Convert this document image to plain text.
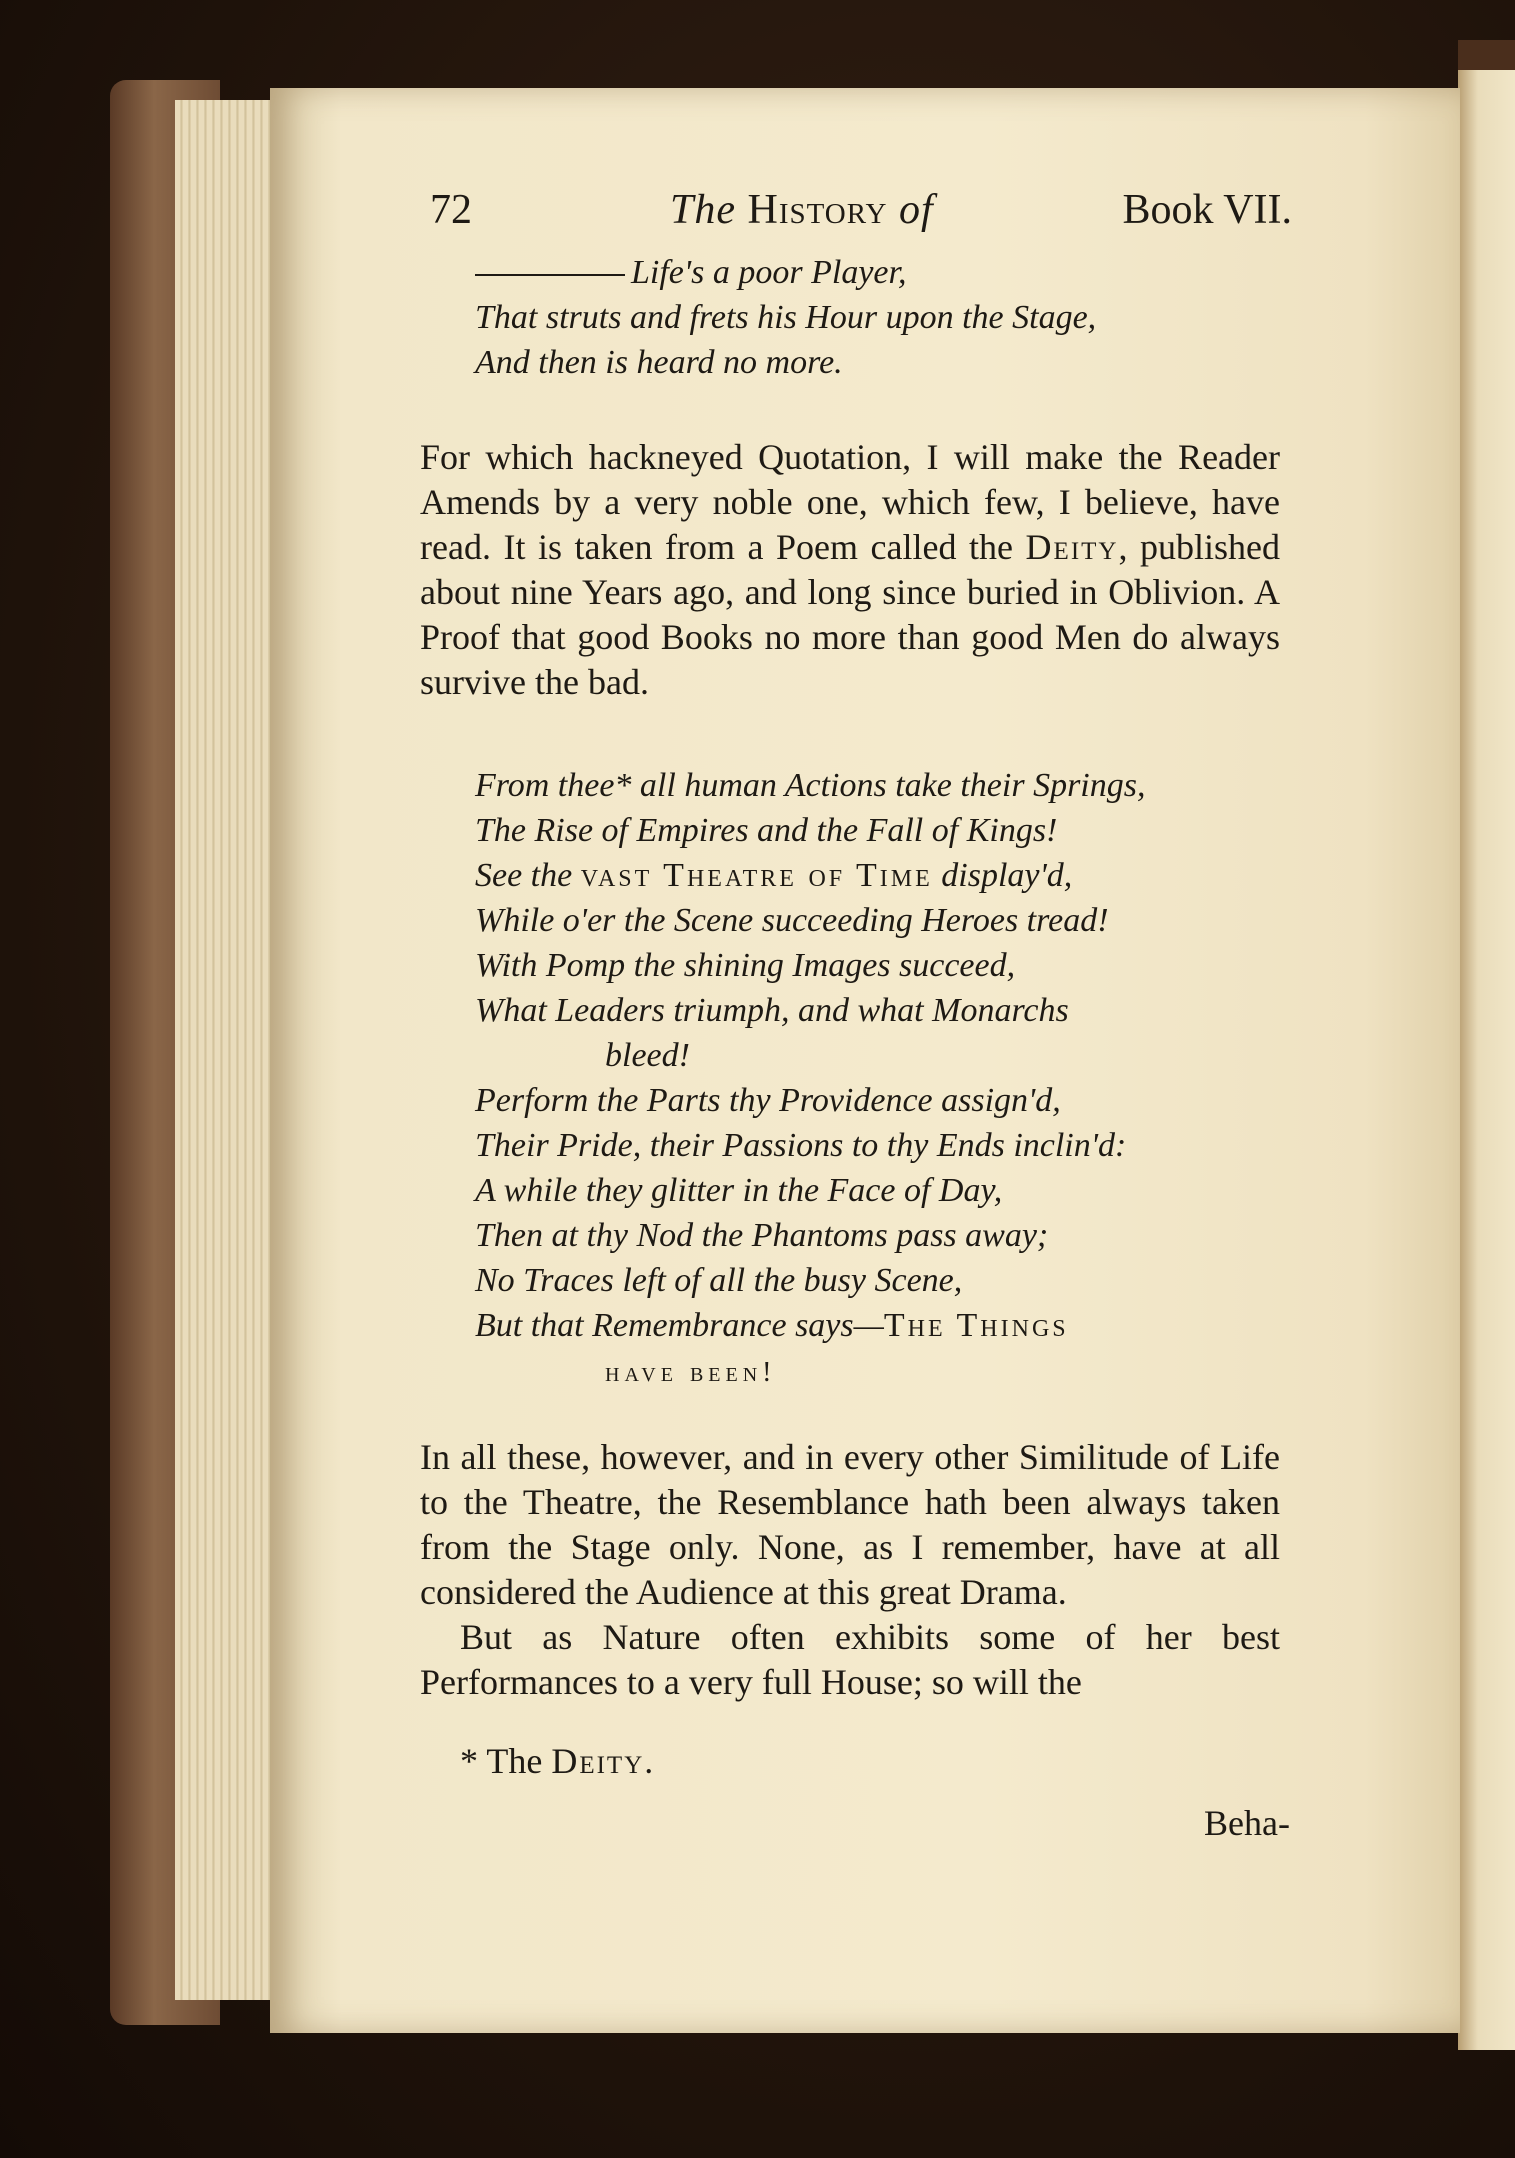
72	The History of	Book VII.
Life's a poor Player,
That struts and frets his Hour upon the Stage,
And then is heard no more.
For which hackneyed Quotation, I will make the Reader Amends by a very noble one, which few, I believe, have read. It is taken from a Poem called the Deity, published about nine Years ago, and long since buried in Oblivion. A Proof that good Books no more than good Men do always survive the bad.
From thee* all human Actions take their Springs,
The Rise of Empires and the Fall of Kings!
See the vast Theatre of Time display'd,
While o'er the Scene succeeding Heroes tread!
With Pomp the shining Images succeed,
What Leaders triumph, and what Monarchs
bleed!
Perform the Parts thy Providence assign'd,
Their Pride, their Passions to thy Ends inclin'd:
A while they glitter in the Face of Day,
Then at thy Nod the Phantoms pass away;
No Traces left of all the busy Scene,
But that Remembrance says—The Things
have been!

In all these, however, and in every other Similitude of Life to the Theatre, the Resemblance hath been always taken from the Stage only. None, as I remember, have at all considered the Audience at this great Drama.

But as Nature often exhibits some of her best Performances to a very full House; so will the

* The Deity.
Beha-
